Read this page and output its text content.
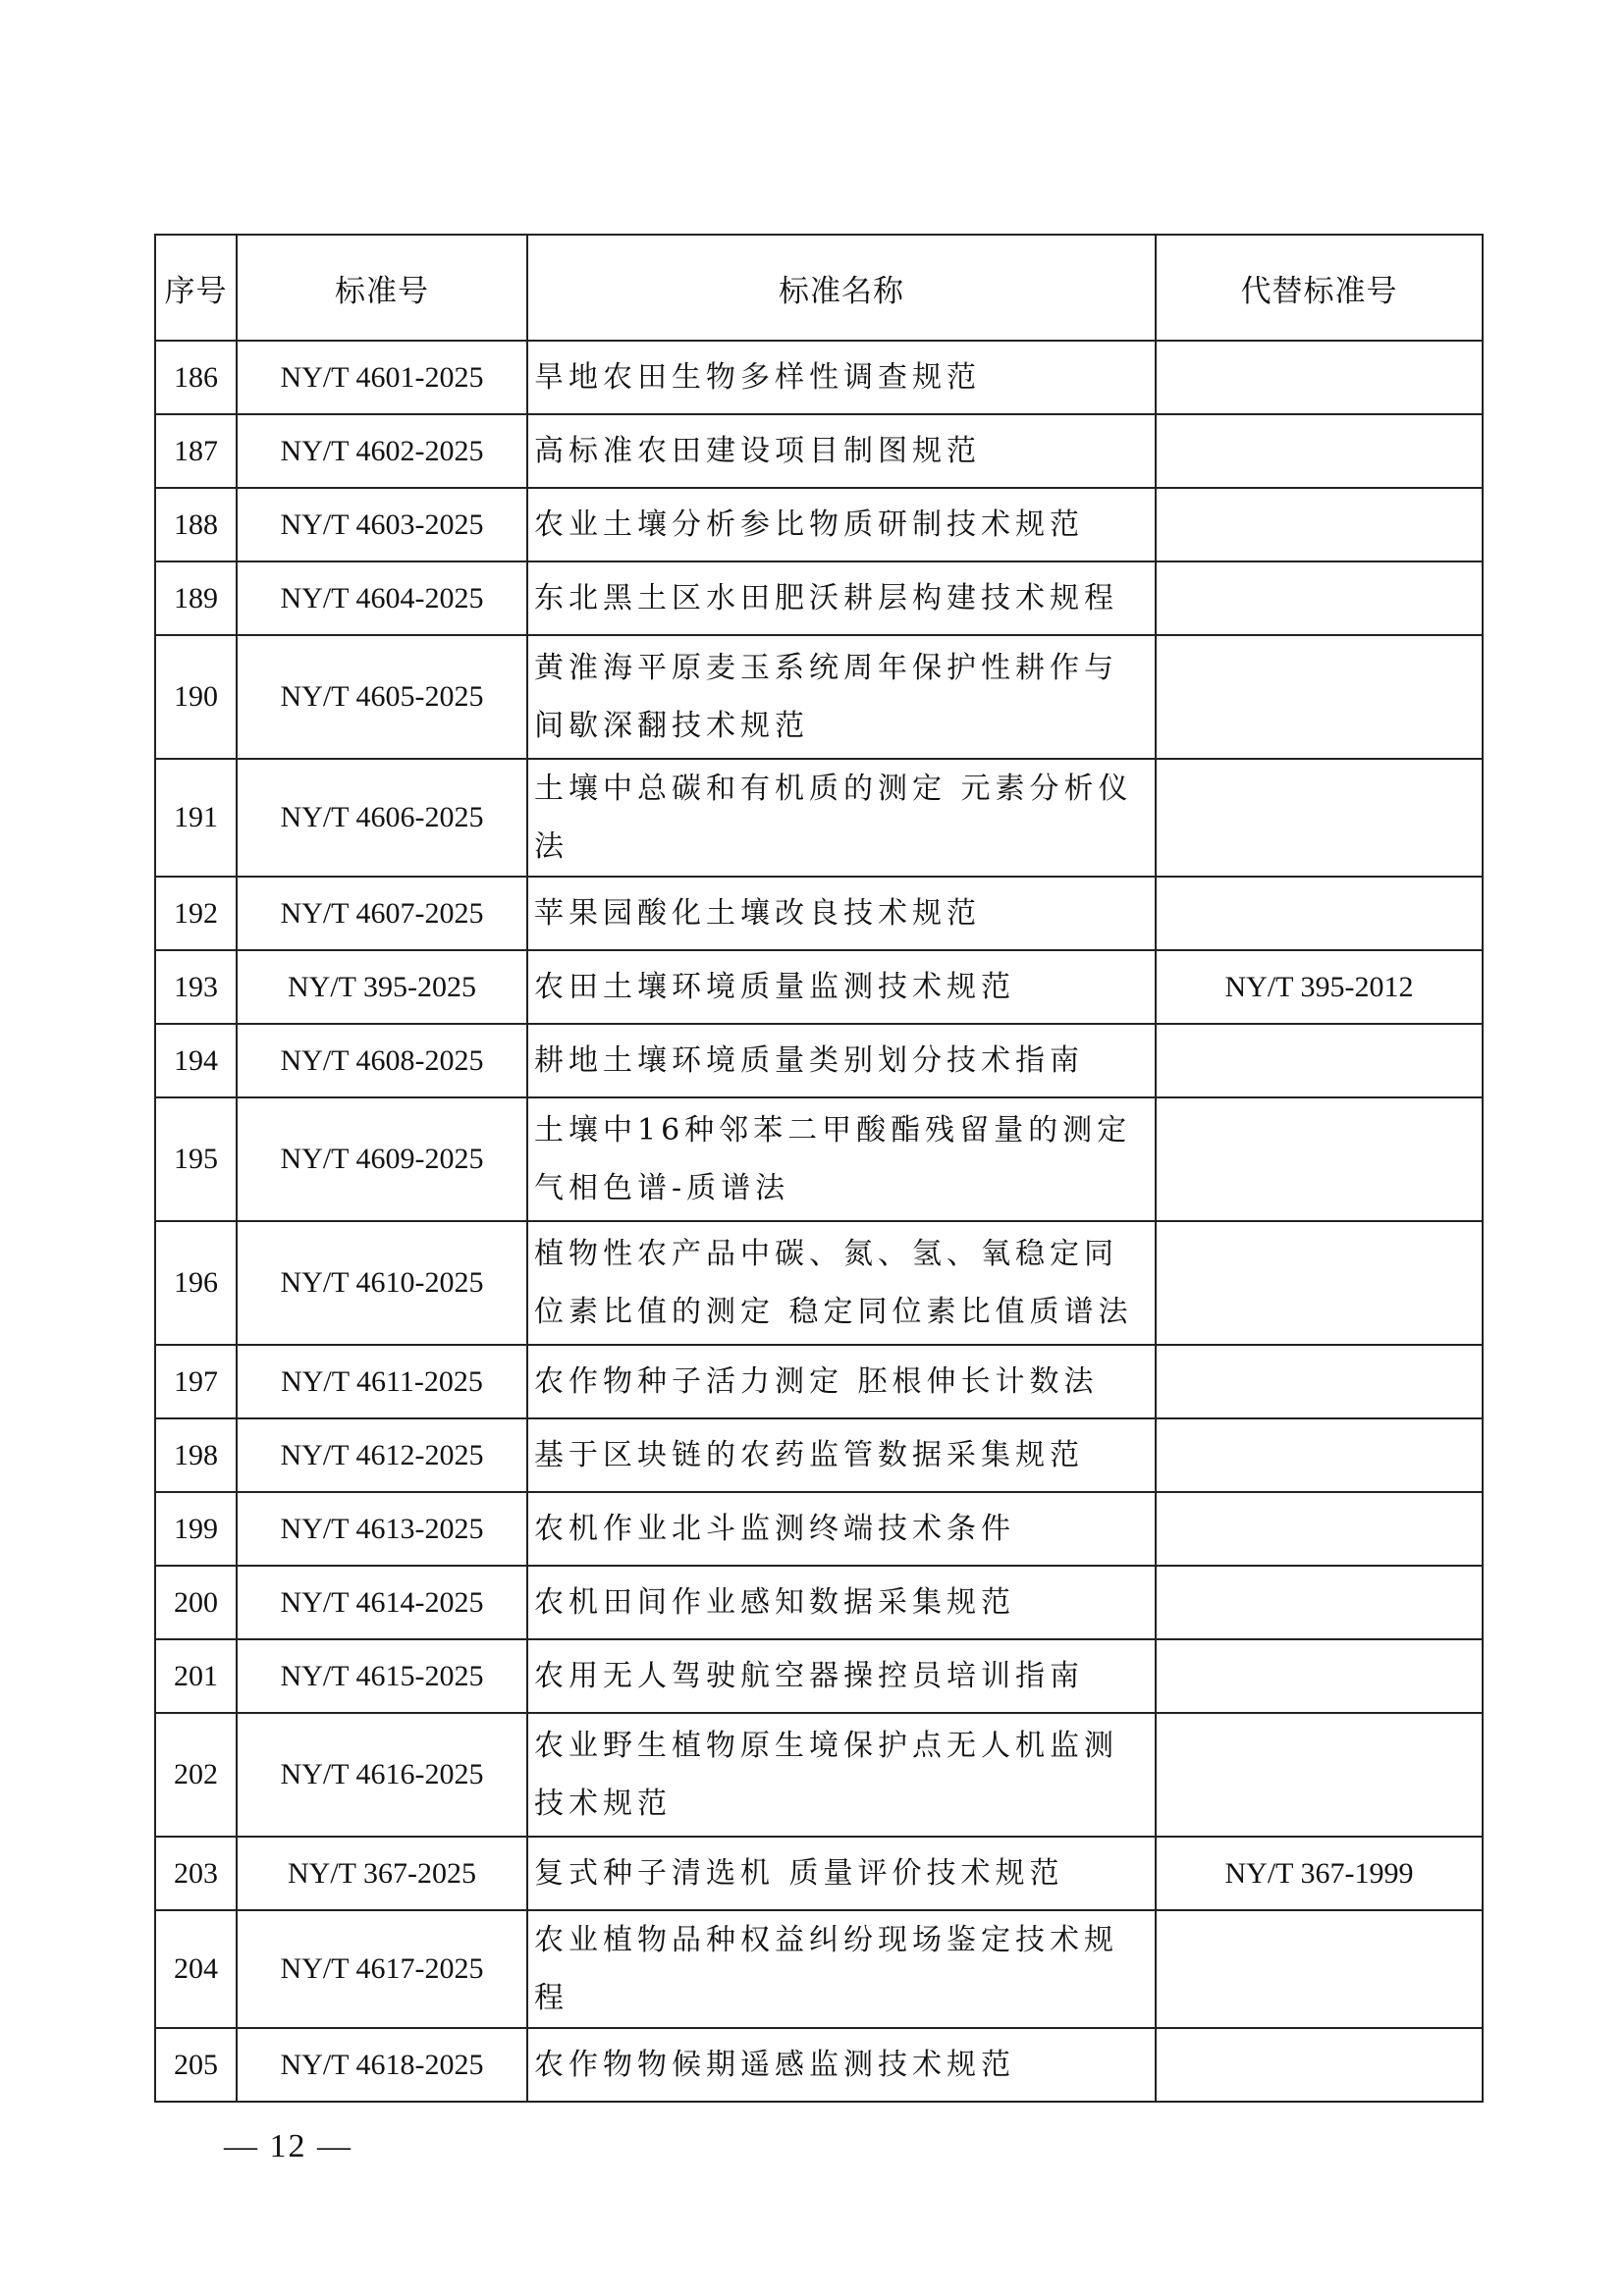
序号	标准号	标准名称	代替标准号
186	NY/T 4601-2025	旱地农田生物多样性调查规范	
187	NY/T 4602-2025	高标准农田建设项目制图规范	
188	NY/T 4603-2025	农业土壤分析参比物质研制技术规范	
189	NY/T 4604-2025	东北黑土区水田肥沃耕层构建技术规程	
190	NY/T 4605-2025	黄淮海平原麦玉系统周年保护性耕作与间歇深翻技术规范	
191	NY/T 4606-2025	土壤中总碳和有机质的测定 元素分析仪法	
192	NY/T 4607-2025	苹果园酸化土壤改良技术规范	
193	NY/T 395-2025	农田土壤环境质量监测技术规范	NY/T 395-2012
194	NY/T 4608-2025	耕地土壤环境质量类别划分技术指南	
195	NY/T 4609-2025	土壤中16种邻苯二甲酸酯残留量的测定 气相色谱-质谱法	
196	NY/T 4610-2025	植物性农产品中碳、氮、氢、氧稳定同位素比值的测定 稳定同位素比值质谱法	
197	NY/T 4611-2025	农作物种子活力测定 胚根伸长计数法	
198	NY/T 4612-2025	基于区块链的农药监管数据采集规范	
199	NY/T 4613-2025	农机作业北斗监测终端技术条件	
200	NY/T 4614-2025	农机田间作业感知数据采集规范	
201	NY/T 4615-2025	农用无人驾驶航空器操控员培训指南	
202	NY/T 4616-2025	农业野生植物原生境保护点无人机监测技术规范	
203	NY/T 367-2025	复式种子清选机 质量评价技术规范	NY/T 367-1999
204	NY/T 4617-2025	农业植物品种权益纠纷现场鉴定技术规程	
205	NY/T 4618-2025	农作物物候期遥感监测技术规范	
— 12 —
